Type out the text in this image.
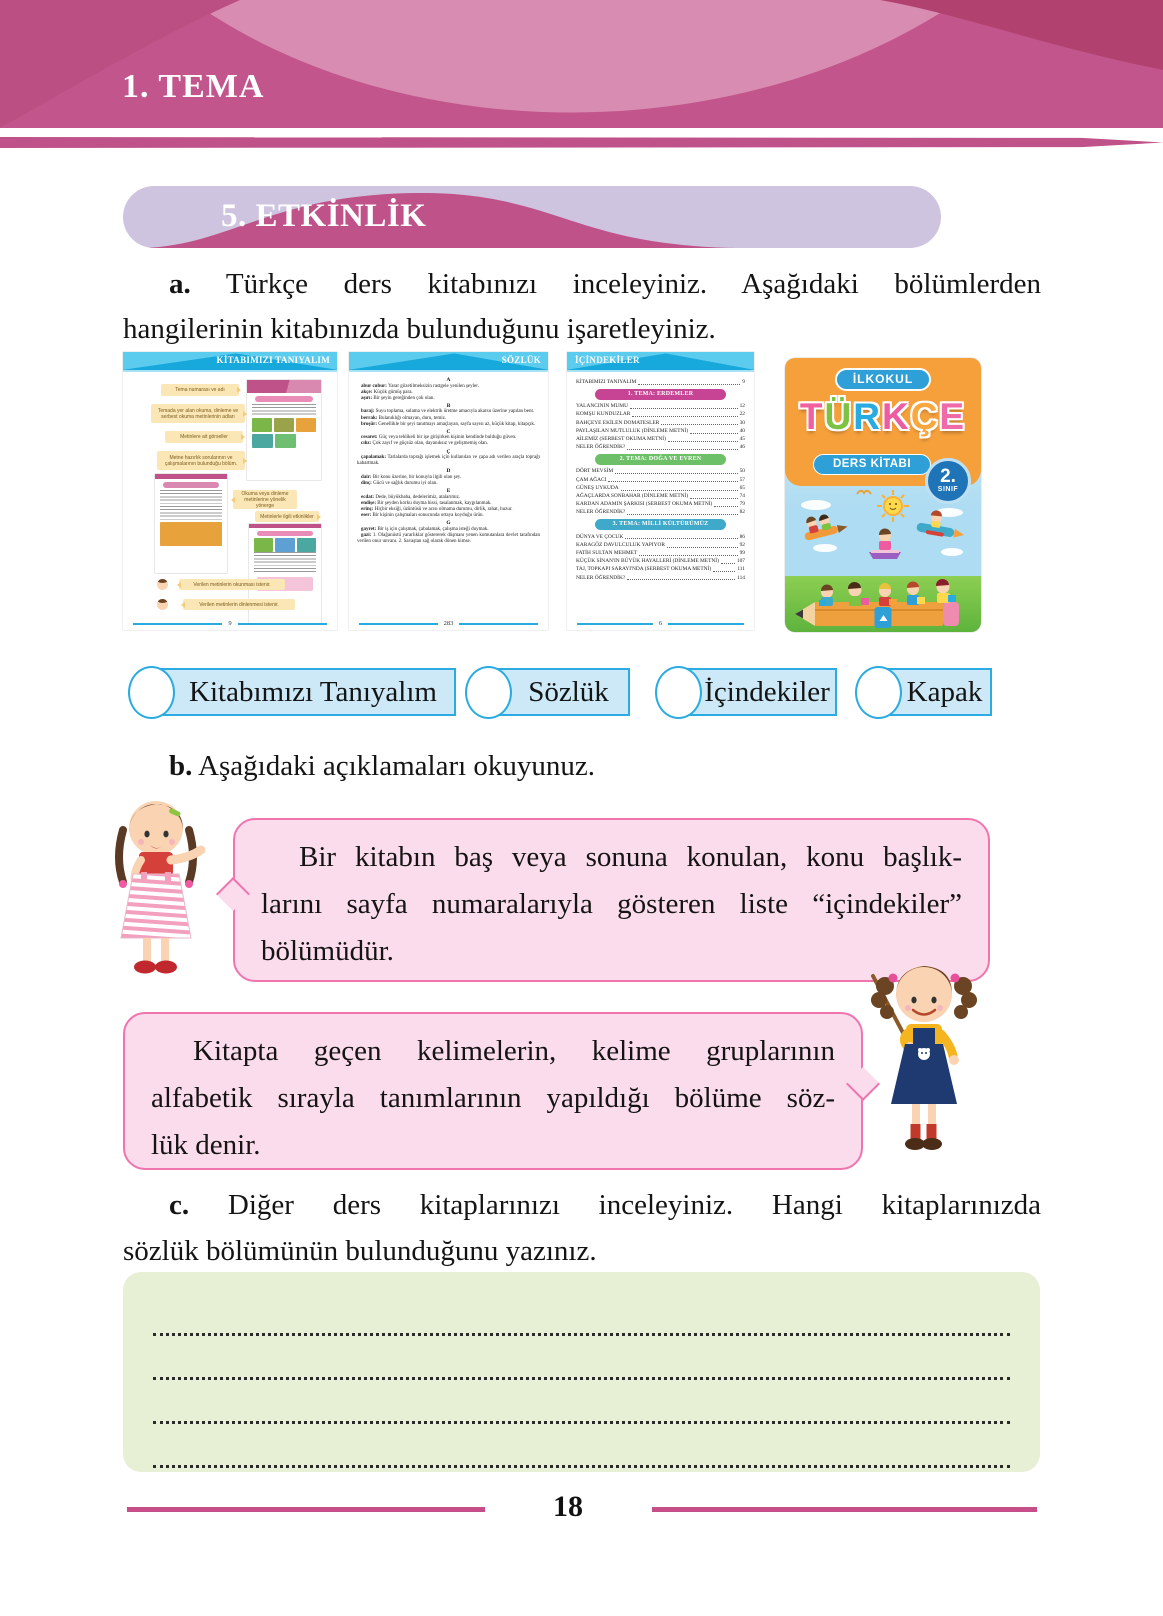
1. TEMA
5. ETKİNLİK
a. Türkçe ders kitabınızı inceleyiniz. Aşağıdaki bölümlerden
hangilerinin kitabınızda bulunduğunu işaretleyiniz.
KİTABIMIZI TANIYALIM
Tema numarası ve adı
Temada yer alan okuma, dinleme ve serbest okuma metinlerinin adları
Metinlere ait görseller
Metne hazırlık sorularının ve çalışmalarının bulunduğu bölüm.
Okuma veya dinleme metinlerine yönelik yönerge
Metinlerle ilgili etkinlikler
Verilen metinlerin okunması istenir.
Verilen metinlerin dinlenmesi istenir.
9
SÖZLÜK
A

abur cubur: Yarar gözetilmeksizin rastgele yenilen şeyler.

akçe: Küçük gümüş para.

aşırı: Bir şeyin gereğinden çok olan.

B

baraj: Suyu toplama, sulama ve elektrik üretme amacıyla akarsu üzerine yapılan bent.

berrak: Bulanıklığı olmayan, duru, temiz.

broşür: Genellikle bir şeyi tanıtmayı amaçlayan, sayfa sayısı az, küçük kitap, kitapçık.

C

cesaret: Güç veya tehlikeli bir işe girişirken kişinin kendinde bulduğu güven.

cılız: Çok zayıf ve güçsüz olan, dayanıksız ve gelişmemiş olan.

Ç

çapalamak: Tarlalarda toprağı işlemek için kullanılan ve çapa adı verilen araçla toprağı kabartmak.

D

dair: Bir konu üzerine, bir konuyla ilgili olan şey.

dinç: Gücü ve sağlık durumu iyi olan.

E

ecdat: Dede, büyükbaba, dedelerimiz, atalarımız.

endişe: Bir şeyden korku duyma hissi, tasalanmak, kaygılanmak.

erinç: Hiçbir eksiği, üzüntüsü ve acısı olmama durumu, dirlik, rahat, huzur.

eser: Bir kişinin çalışmaları sonucunda ortaya koyduğu ürün.

G

gayret: Bir iş için çalışmak, çabalamak, çalışma isteği duymak.

gazi: 1. Olağanüstü yararlıklar göstererek düşmanı yenen komutanlara devlet tarafından verilen onur unvanı. 2. Savaştan sağ olarak dönen kimse.

283
İÇİNDEKİLER
KİTABIMIZI TANIYALIM	9
1. TEMA: ERDEMLER
YALANCININ MUMU	12
KOMŞU KUNDUZLAR	22
BAHÇEYE EKİLEN DOMATESLER	30
PAYLAŞILAN MUTLULUK (DİNLEME METNİ)	40
AİLEMİZ (SERBEST OKUMA METNİ)	45
NELER ÖĞRENDİK?	46
2. TEMA: DOĞA VE EVREN
DÖRT MEVSİM	50
ÇAM AĞACI	57
GÜNEŞ UYKUDA	65
AĞAÇLARDA SONBAHAR (DİNLEME METNİ)	74
KARDAN ADAMIN ŞARKISI (SERBEST OKUMA METNİ)	79
NELER ÖĞRENDİK?	82
3. TEMA: MİLLİ KÜLTÜRÜMÜZ
DÜNYA VE ÇOCUK	86
KARAGÖZ DAVULCULUK YAPIYOR	92
FATİH SULTAN MEHMET	99
KÜÇÜK SİNAN'IN BÜYÜK HAYALLERİ (DİNLEME METNİ)	107
TAJ, TOPKAPI SARAYI'NDA (SERBEST OKUMA METNİ)	111
NELER ÖĞRENDİK?	114
6
İLKOKUL
TÜRKÇE
DERS KİTABI
2.
SINIF
Kitabımızı Tanıyalım	Sözlük	İçindekiler	Kapak
b. Aşağıdaki açıklamaları okuyunuz.
Bir kitabın baş veya sonuna konulan, konu başlık-
larını sayfa numaralarıyla gösteren liste “içindekiler”
bölümüdür.
Kitapta geçen kelimelerin, kelime gruplarının
alfabetik sırayla tanımlarının yapıldığı bölüme söz-
lük denir.
c. Diğer ders kitaplarınızı inceleyiniz. Hangi kitaplarınızda
sözlük bölümünün bulunduğunu yazınız.
18
